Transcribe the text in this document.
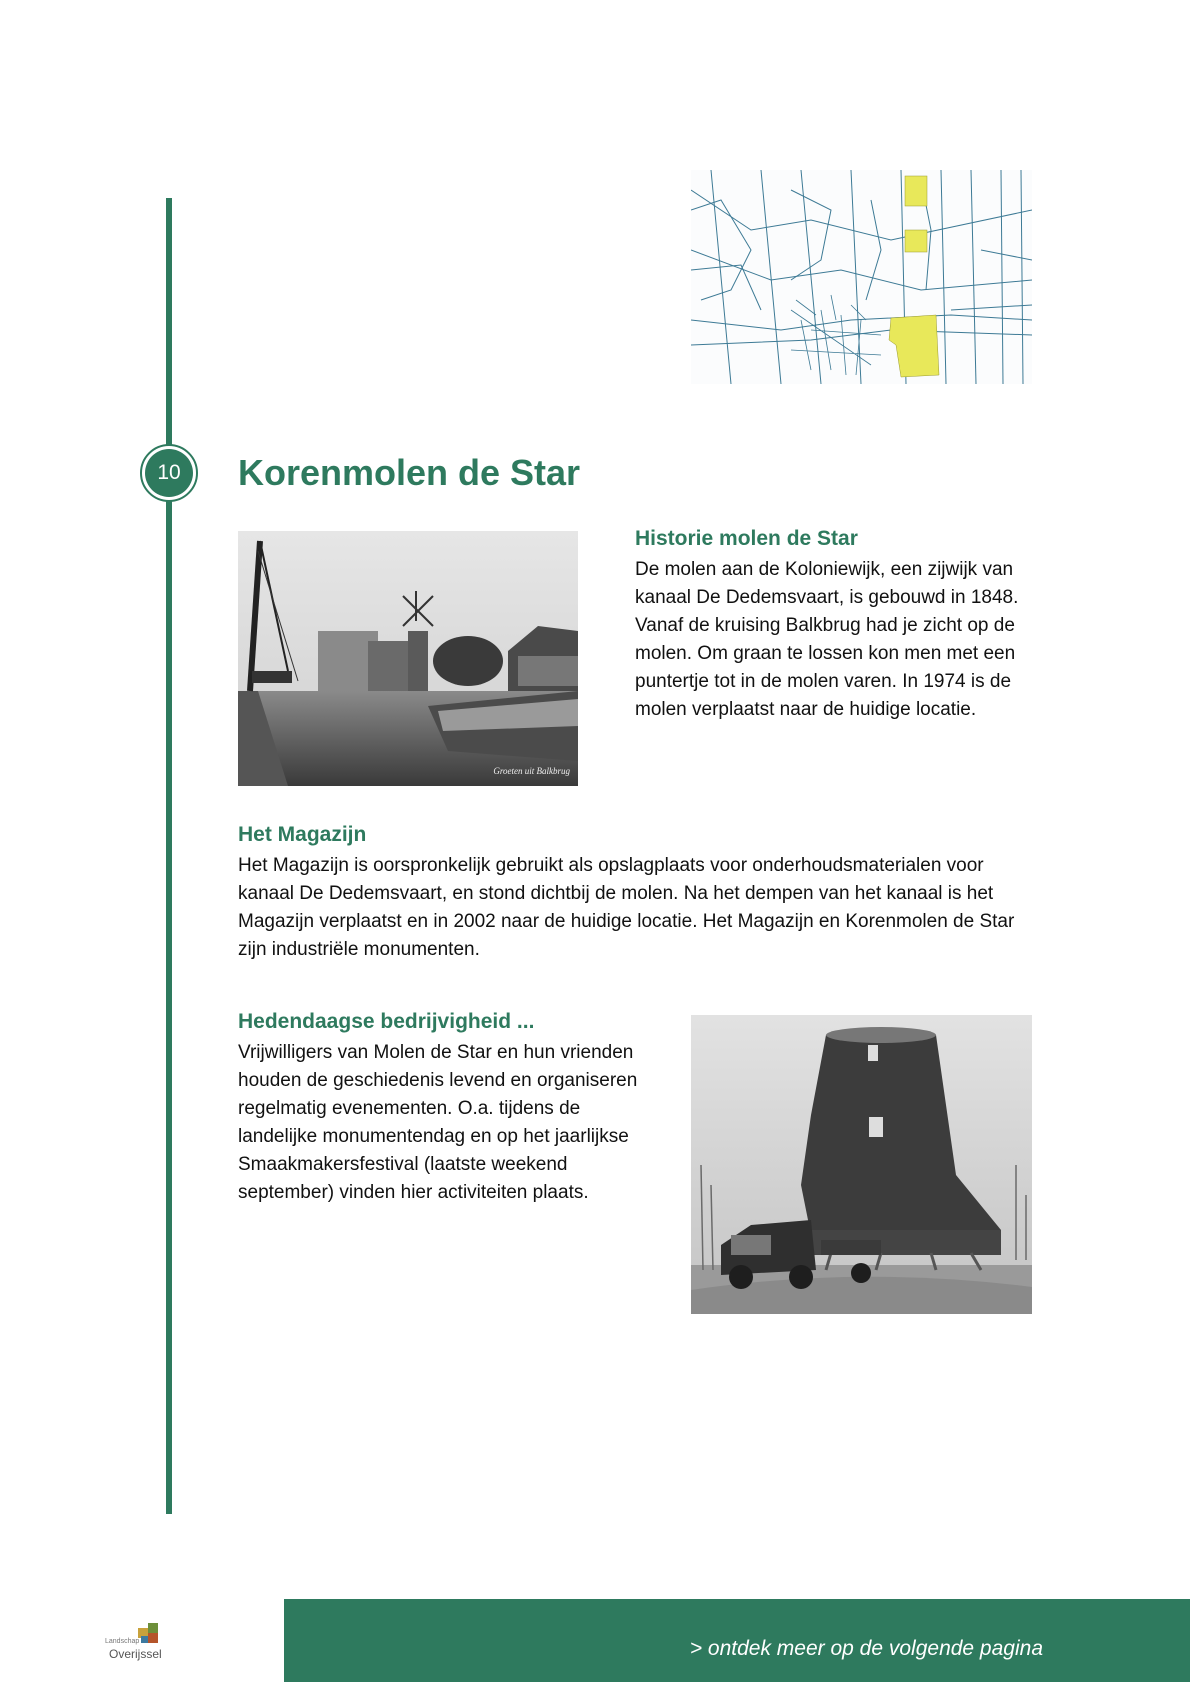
10	Korenmolen de Star
Groeten uit Balkbrug
Historie molen de Star

De molen aan de Koloniewijk, een zijwijk van kanaal De Dedemsvaart, is gebouwd in 1848. Vanaf de kruising Balkbrug had je zicht op de molen. Om graan te lossen kon men met een puntertje tot in de molen varen. In 1974 is de molen verplaatst naar de huidige locatie.

Het Magazijn

Het Magazijn is oorspronkelijk gebruikt als opslagplaats voor onderhoudsmaterialen voor kanaal De Dedemsvaart, en stond dichtbij de molen. Na het dempen van het kanaal is het Magazijn verplaatst en in 2002 naar de huidige locatie. Het Magazijn en Korenmolen de Star zijn industriële monumenten.

Hedendaagse bedrijvigheid ...

Vrijwilligers van Molen de Star en hun vrienden houden de geschiedenis levend en organiseren regelmatig evenementen. O.a. tijdens de landelijke monumentendag en op het jaarlijkse Smaakmakersfestival (laatste weekend september) vinden hier activiteiten plaats.

> ontdek meer op de volgende pagina
Landschap
Overijssel
